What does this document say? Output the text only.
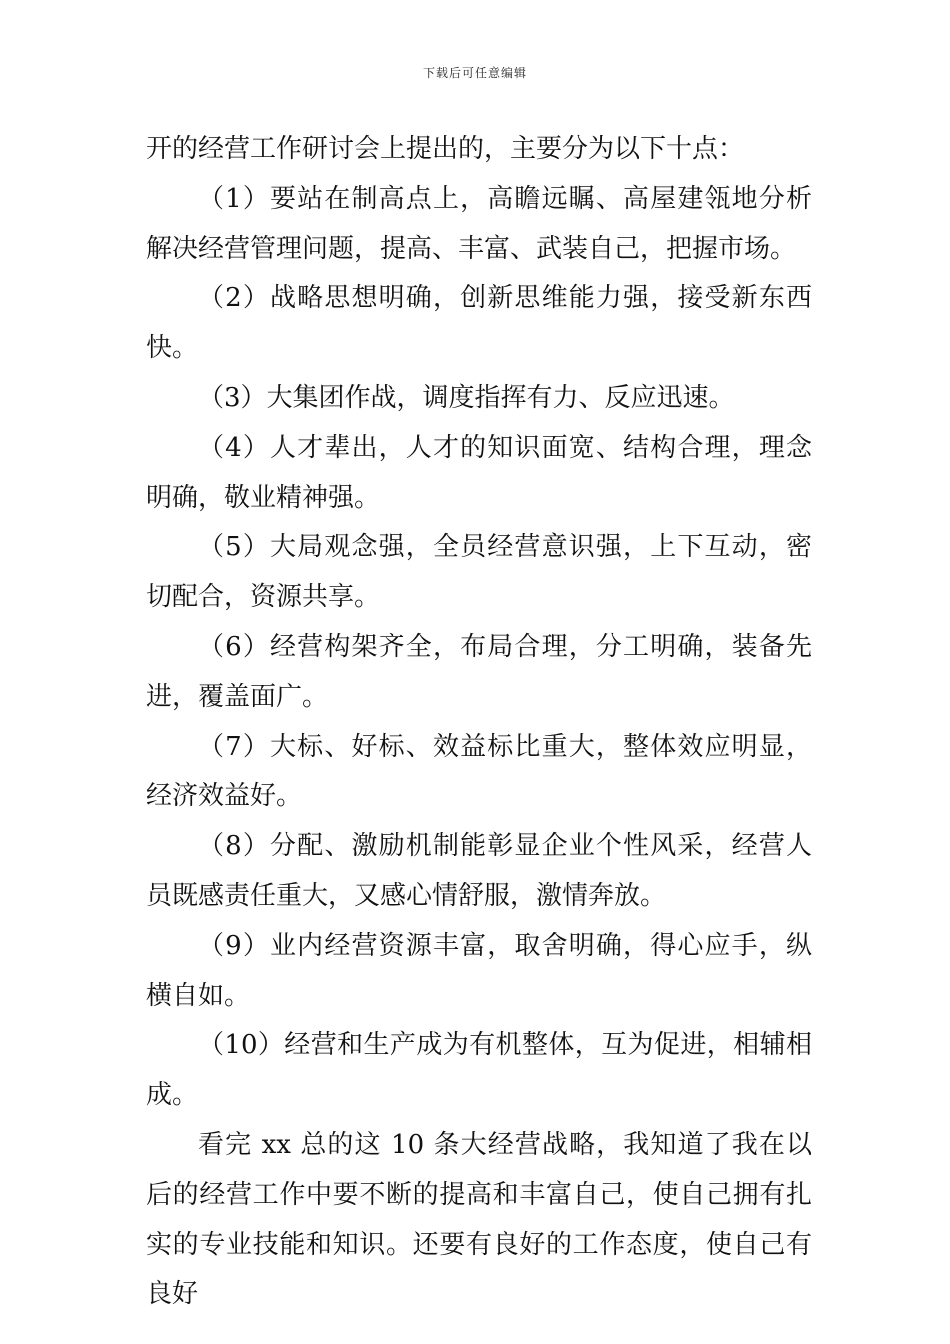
下载后可任意编辑

开的经营工作研讨会上提出的，主要分为以下十点：

（1）要站在制高点上，高瞻远瞩、高屋建瓴地分析解决经营管理问题，提高、丰富、武装自己，把握市场。

（2）战略思想明确，创新思维能力强，接受新东西快。

（3）大集团作战，调度指挥有力、反应迅速。

（4）人才辈出，人才的知识面宽、结构合理，理念明确，敬业精神强。

（5）大局观念强，全员经营意识强，上下互动，密切配合，资源共享。

（6）经营构架齐全，布局合理，分工明确，装备先进，覆盖面广。

（7）大标、好标、效益标比重大，整体效应明显，经济效益好。

（8）分配、激励机制能彰显企业个性风采，经营人员既感责任重大，又感心情舒服，激情奔放。

（9）业内经营资源丰富，取舍明确，得心应手，纵横自如。

（10）经营和生产成为有机整体，互为促进，相辅相成。

看完 xx 总的这 10 条大经营战略，我知道了我在以后的经营工作中要不断的提高和丰富自己，使自己拥有扎实的专业技能和知识。还要有良好的工作态度，使自己有良好
